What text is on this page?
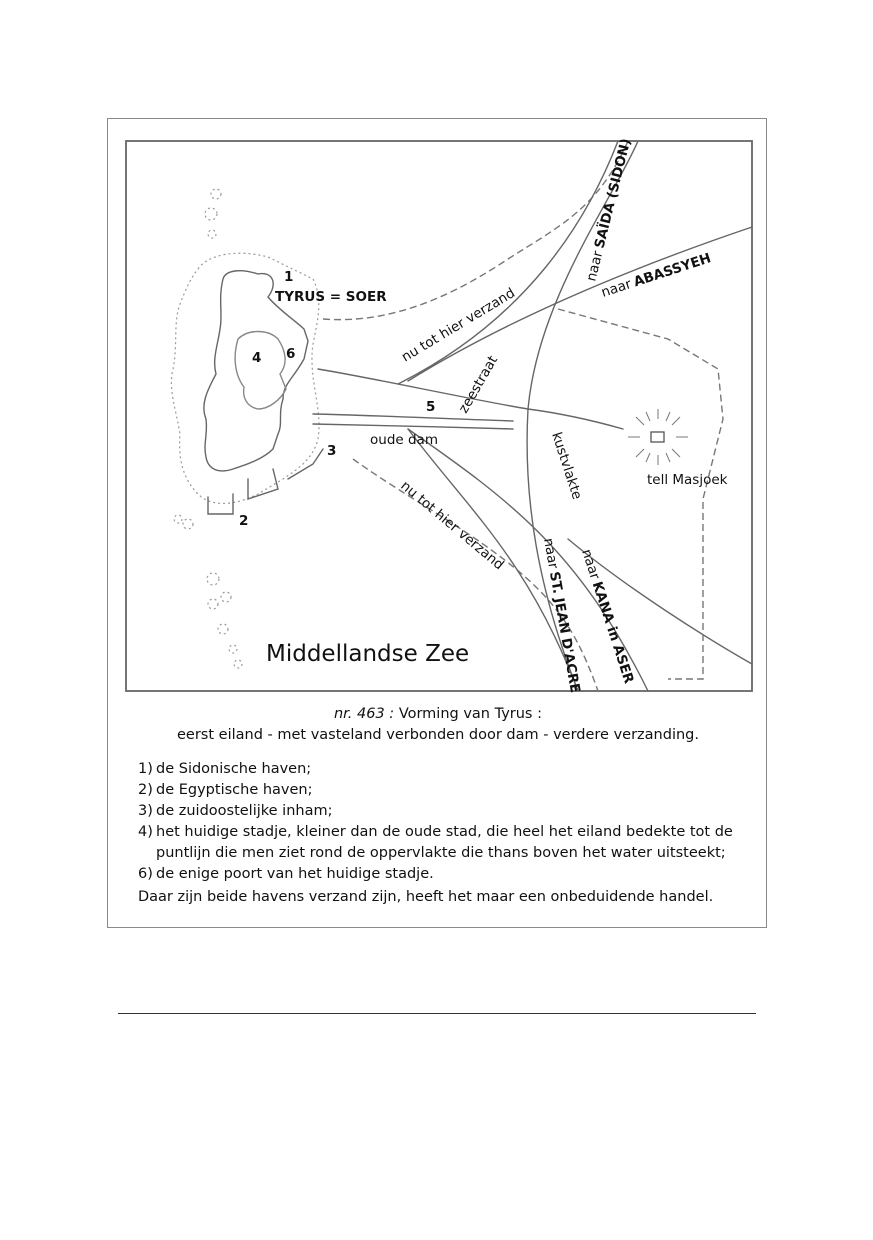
1
TYRUS = SOER
4 6
5
3
2
oude dam
tell Masjoek
Middellandse Zee
nu tot hier verzand
nu tot hier verzand
zeestraat
kustvlakte
naar
SAÏDA (SIDON)
naar
ABASSYEH
naar
ST. JEAN D'ACRE
naar
KANA in ASER
nr. 463 : Vorming van Tyrus :
eerst eiland - met vasteland verbonden door dam - verdere verzanding.
1) de Sidonische haven;
2) de Egyptische haven;
3) de zuidoostelijke inham;
4) het huidige stadje, kleiner dan de oude stad, die heel het eiland bedekte tot de puntlijn die men ziet rond de oppervlakte die thans boven het water uitsteekt;
6) de enige poort van het huidige stadje.
Daar zijn beide havens verzand zijn, heeft het maar een onbeduidende handel.
